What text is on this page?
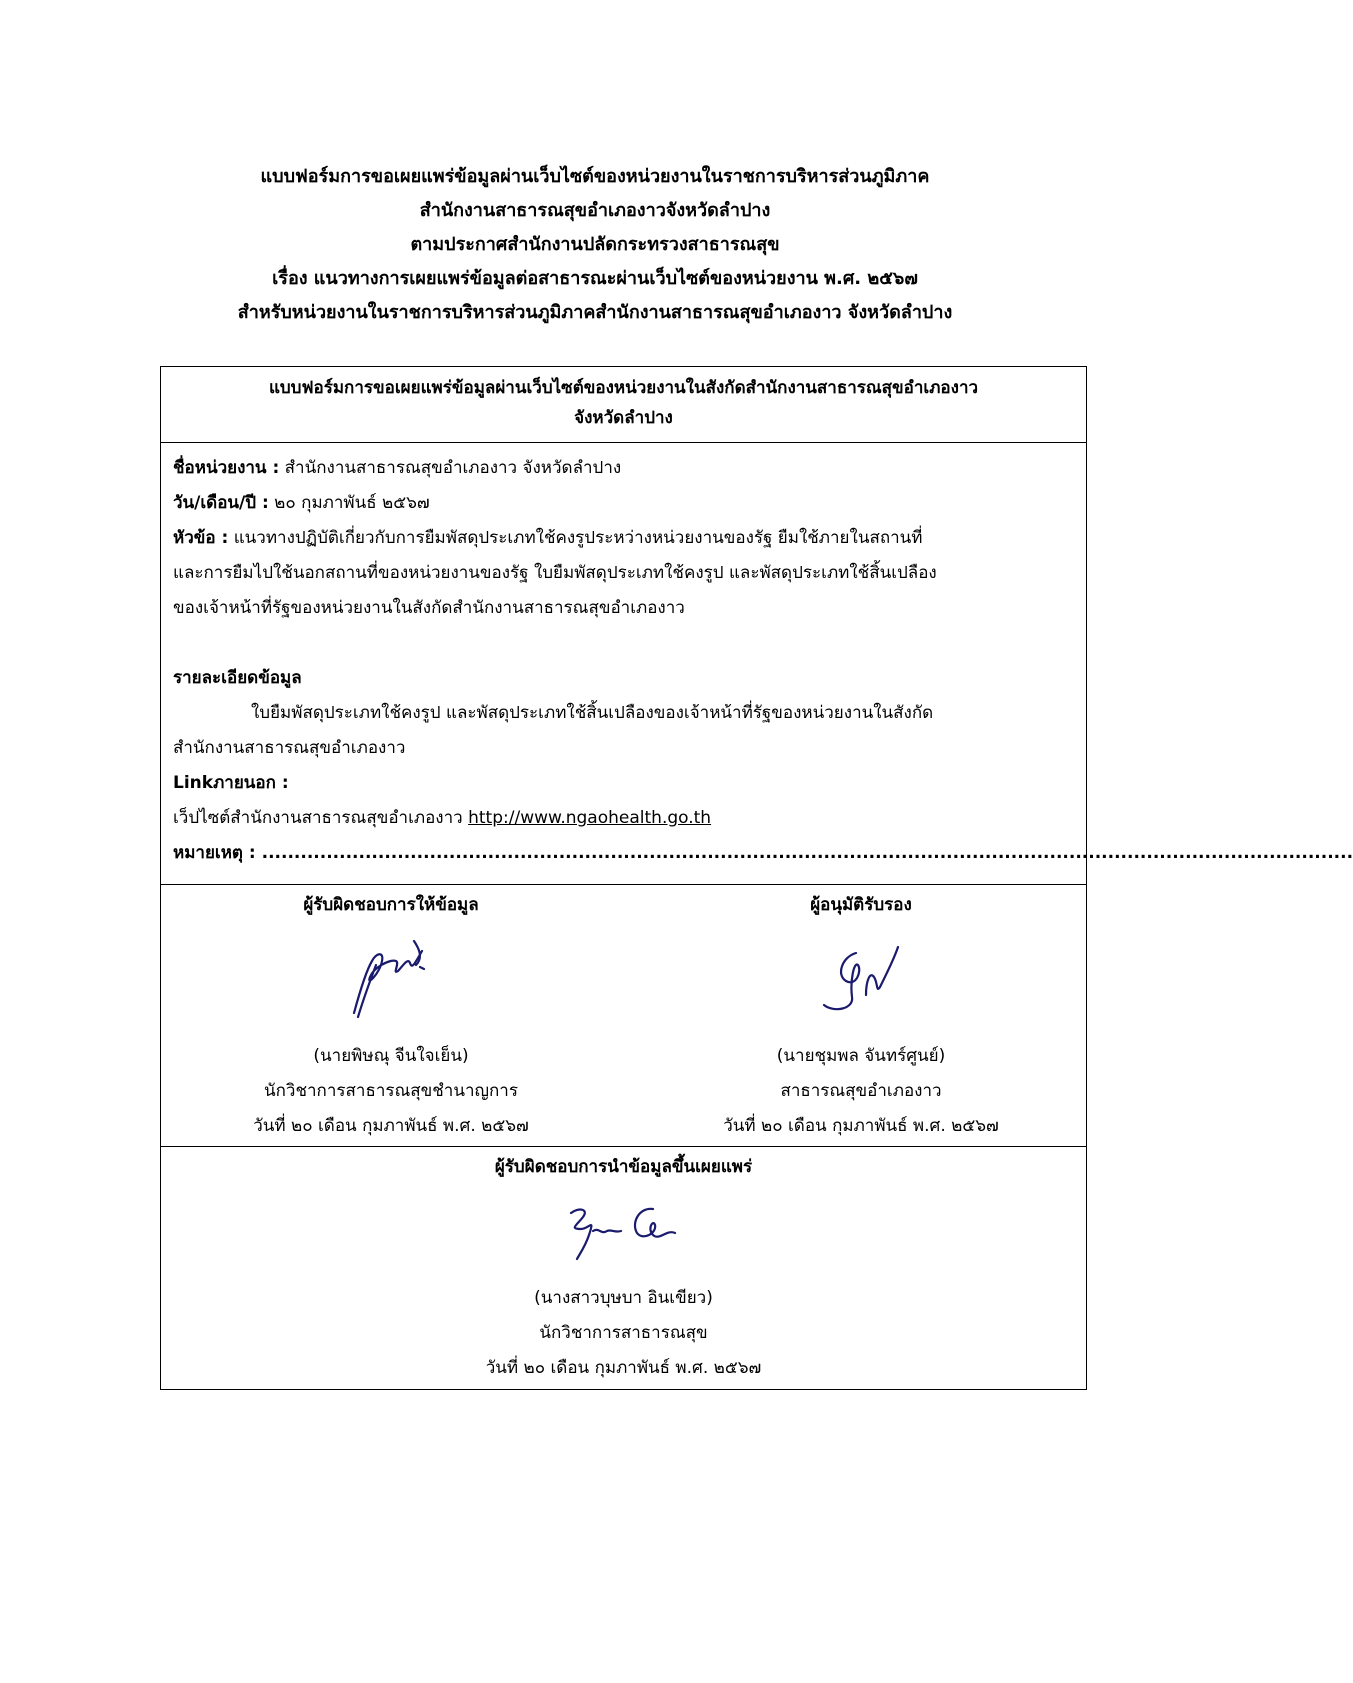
แบบฟอร์มการขอเผยแพร่ข้อมูลผ่านเว็บไซต์ของหน่วยงานในราชการบริหารส่วนภูมิภาค
สำนักงานสาธารณสุขอำเภองาวจังหวัดลำปาง
ตามประกาศสำนักงานปลัดกระทรวงสาธารณสุข
เรื่อง แนวทางการเผยแพร่ข้อมูลต่อสาธารณะผ่านเว็บไซต์ของหน่วยงาน พ.ศ. ๒๕๖๗
สำหรับหน่วยงานในราชการบริหารส่วนภูมิภาคสำนักงานสาธารณสุขอำเภองาว จังหวัดลำปาง
แบบฟอร์มการขอเผยแพร่ข้อมูลผ่านเว็บไซต์ของหน่วยงานในสังกัดสำนักงานสาธารณสุขอำเภองาว
จังหวัดลำปาง
ชื่อหน่วยงาน : สำนักงานสาธารณสุขอำเภองาว จังหวัดลำปาง
วัน/เดือน/ปี : ๒๐ กุมภาพันธ์ ๒๕๖๗
หัวข้อ : แนวทางปฏิบัติเกี่ยวกับการยืมพัสดุประเภทใช้คงรูประหว่างหน่วยงานของรัฐ ยืมใช้ภายในสถานที่
และการยืมไปใช้นอกสถานที่ของหน่วยงานของรัฐ ใบยืมพัสดุประเภทใช้คงรูป และพัสดุประเภทใช้สิ้นเปลือง
ของเจ้าหน้าที่รัฐของหน่วยงานในสังกัดสำนักงานสาธารณสุขอำเภองาว
รายละเอียดข้อมูล
ใบยืมพัสดุประเภทใช้คงรูป และพัสดุประเภทใช้สิ้นเปลืองของเจ้าหน้าที่รัฐของหน่วยงานในสังกัด
สำนักงานสาธารณสุขอำเภองาว
Linkภายนอก :
เว็ปไซต์สำนักงานสาธารณสุขอำเภองาว http://www.ngaohealth.go.th
หมายเหตุ : .........................................................................................................................................................................
ผู้รับผิดชอบการให้ข้อมูล
(นายพิษณุ จีนใจเย็น)
นักวิชาการสาธารณสุขชำนาญการ
วันที่ ๒๐ เดือน กุมภาพันธ์ พ.ศ. ๒๕๖๗
ผู้อนุมัติรับรอง
(นายชุมพล จันทร์ศูนย์)
สาธารณสุขอำเภองาว
วันที่ ๒๐ เดือน กุมภาพันธ์ พ.ศ. ๒๕๖๗
ผู้รับผิดชอบการนำข้อมูลขึ้นเผยแพร่
(นางสาวบุษบา อินเขียว)
นักวิชาการสาธารณสุข
วันที่ ๒๐ เดือน กุมภาพันธ์ พ.ศ. ๒๕๖๗
